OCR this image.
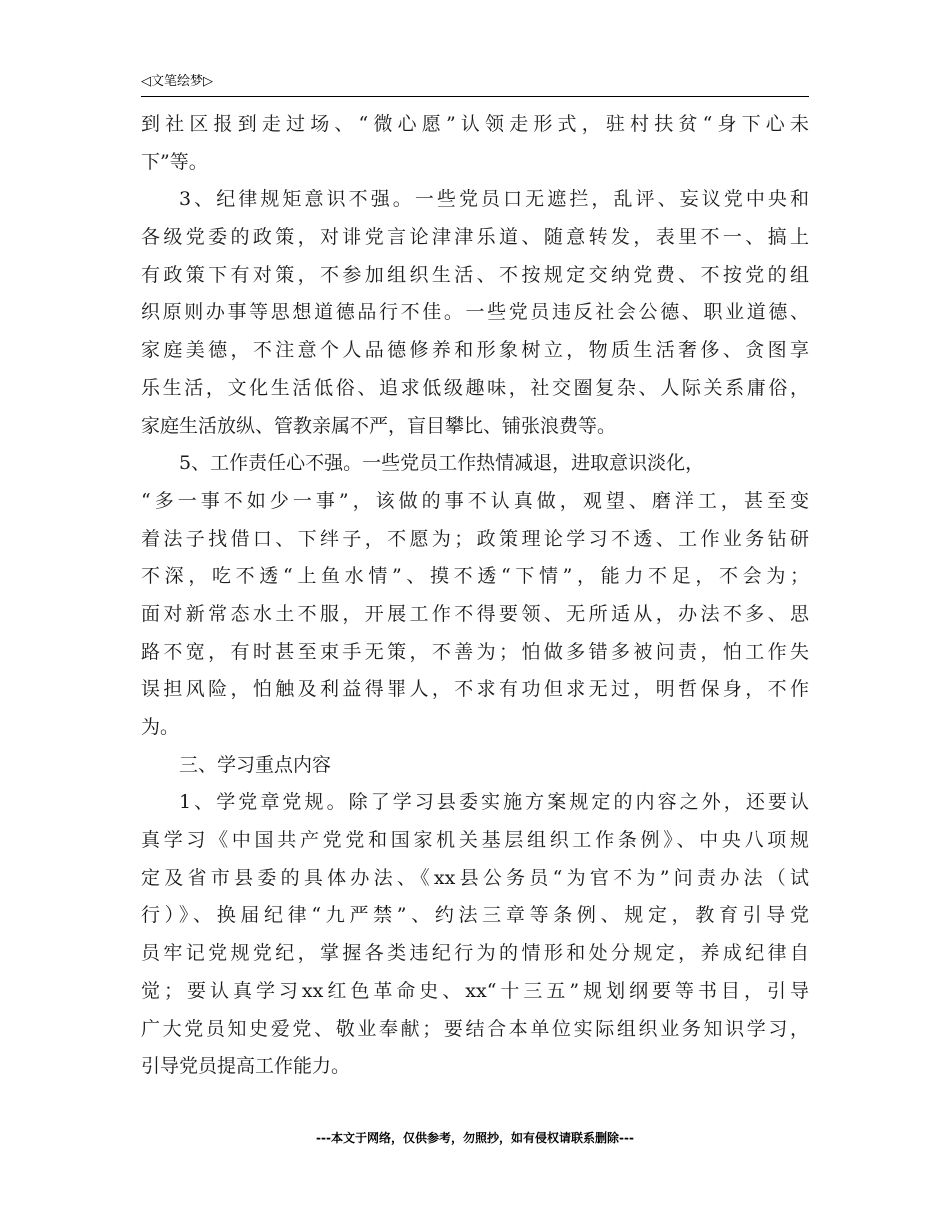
◁文笔绘梦▷
到社区报到走过场、“微心愿”认领走形式，驻村扶贫“身下心未
下”等。
3、纪律规矩意识不强。一些党员口无遮拦，乱评、妄议党中央和
各级党委的政策，对诽党言论津津乐道、随意转发，表里不一、搞上
有政策下有对策，不参加组织生活、不按规定交纳党费、不按党的组
织原则办事等思想道德品行不佳。一些党员违反社会公德、职业道德、
家庭美德，不注意个人品德修养和形象树立，物质生活奢侈、贪图享
乐生活，文化生活低俗、追求低级趣味，社交圈复杂、人际关系庸俗，
家庭生活放纵、管教亲属不严，盲目攀比、铺张浪费等。
5、工作责任心不强。一些党员工作热情减退，进取意识淡化，
“多一事不如少一事”，该做的事不认真做，观望、磨洋工，甚至变
着法子找借口、下绊子，不愿为；政策理论学习不透、工作业务钻研
不深，吃不透“上鱼水情”、摸不透“下情”，能力不足，不会为；
面对新常态水土不服，开展工作不得要领、无所适从，办法不多、思
路不宽，有时甚至束手无策，不善为；怕做多错多被问责，怕工作失
误担风险，怕触及利益得罪人，不求有功但求无过，明哲保身，不作
为。
三、学习重点内容
1、学党章党规。除了学习县委实施方案规定的内容之外，还要认
真学习《中国共产党党和国家机关基层组织工作条例》、中央八项规
定及省市县委的具体办法、《xx县公务员“为官不为”问责办法（试
行）》、换届纪律“九严禁”、约法三章等条例、规定，教育引导党
员牢记党规党纪，掌握各类违纪行为的情形和处分规定，养成纪律自
觉；要认真学习xx红色革命史、xx“十三五”规划纲要等书目，引导
广大党员知史爱党、敬业奉献；要结合本单位实际组织业务知识学习，
引导党员提高工作能力。
---本文于网络，仅供参考，勿照抄，如有侵权请联系删除---
